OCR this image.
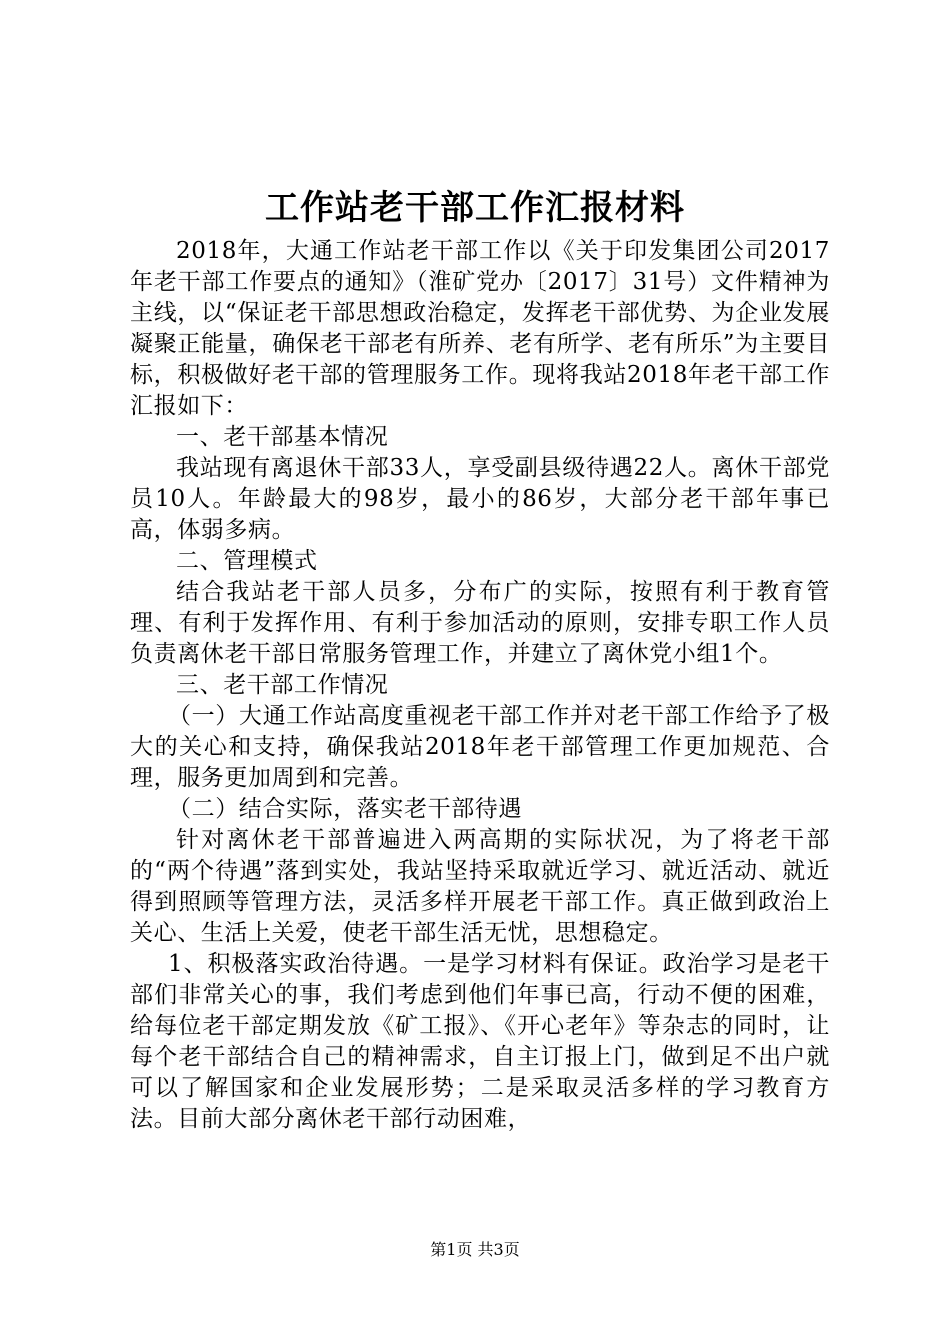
工作站老干部工作汇报材料

2018年，大通工作站老干部工作以《关于印发集团公司2017年老干部工作要点的通知》（淮矿党办〔2017〕31号）文件精神为主线，以“保证老干部思想政治稳定，发挥老干部优势、为企业发展凝聚正能量，确保老干部老有所养、老有所学、老有所乐”为主要目标，积极做好老干部的管理服务工作。现将我站2018年老干部工作汇报如下：

一、老干部基本情况

我站现有离退休干部33人，享受副县级待遇22人。离休干部党员10人。年龄最大的98岁，最小的86岁，大部分老干部年事已高，体弱多病。

二、管理模式

结合我站老干部人员多，分布广的实际，按照有利于教育管理、有利于发挥作用、有利于参加活动的原则，安排专职工作人员负责离休老干部日常服务管理工作，并建立了离休党小组1个。

三、老干部工作情况

（一）大通工作站高度重视老干部工作并对老干部工作给予了极大的关心和支持，确保我站2018年老干部管理工作更加规范、合理，服务更加周到和完善。

（二）结合实际，落实老干部待遇

针对离休老干部普遍进入两高期的实际状况，为了将老干部的“两个待遇”落到实处，我站坚持采取就近学习、就近活动、就近得到照顾等管理方法，灵活多样开展老干部工作。真正做到政治上关心、生活上关爱，使老干部生活无忧，思想稳定。

1、积极落实政治待遇。一是学习材料有保证。政治学习是老干部们非常关心的事，我们考虑到他们年事已高，行动不便的困难，给每位老干部定期发放《矿工报》、《开心老年》等杂志的同时，让每个老干部结合自己的精神需求，自主订报上门，做到足不出户就可以了解国家和企业发展形势；二是采取灵活多样的学习教育方法。目前大部分离休老干部行动困难，

第1页 共3页
